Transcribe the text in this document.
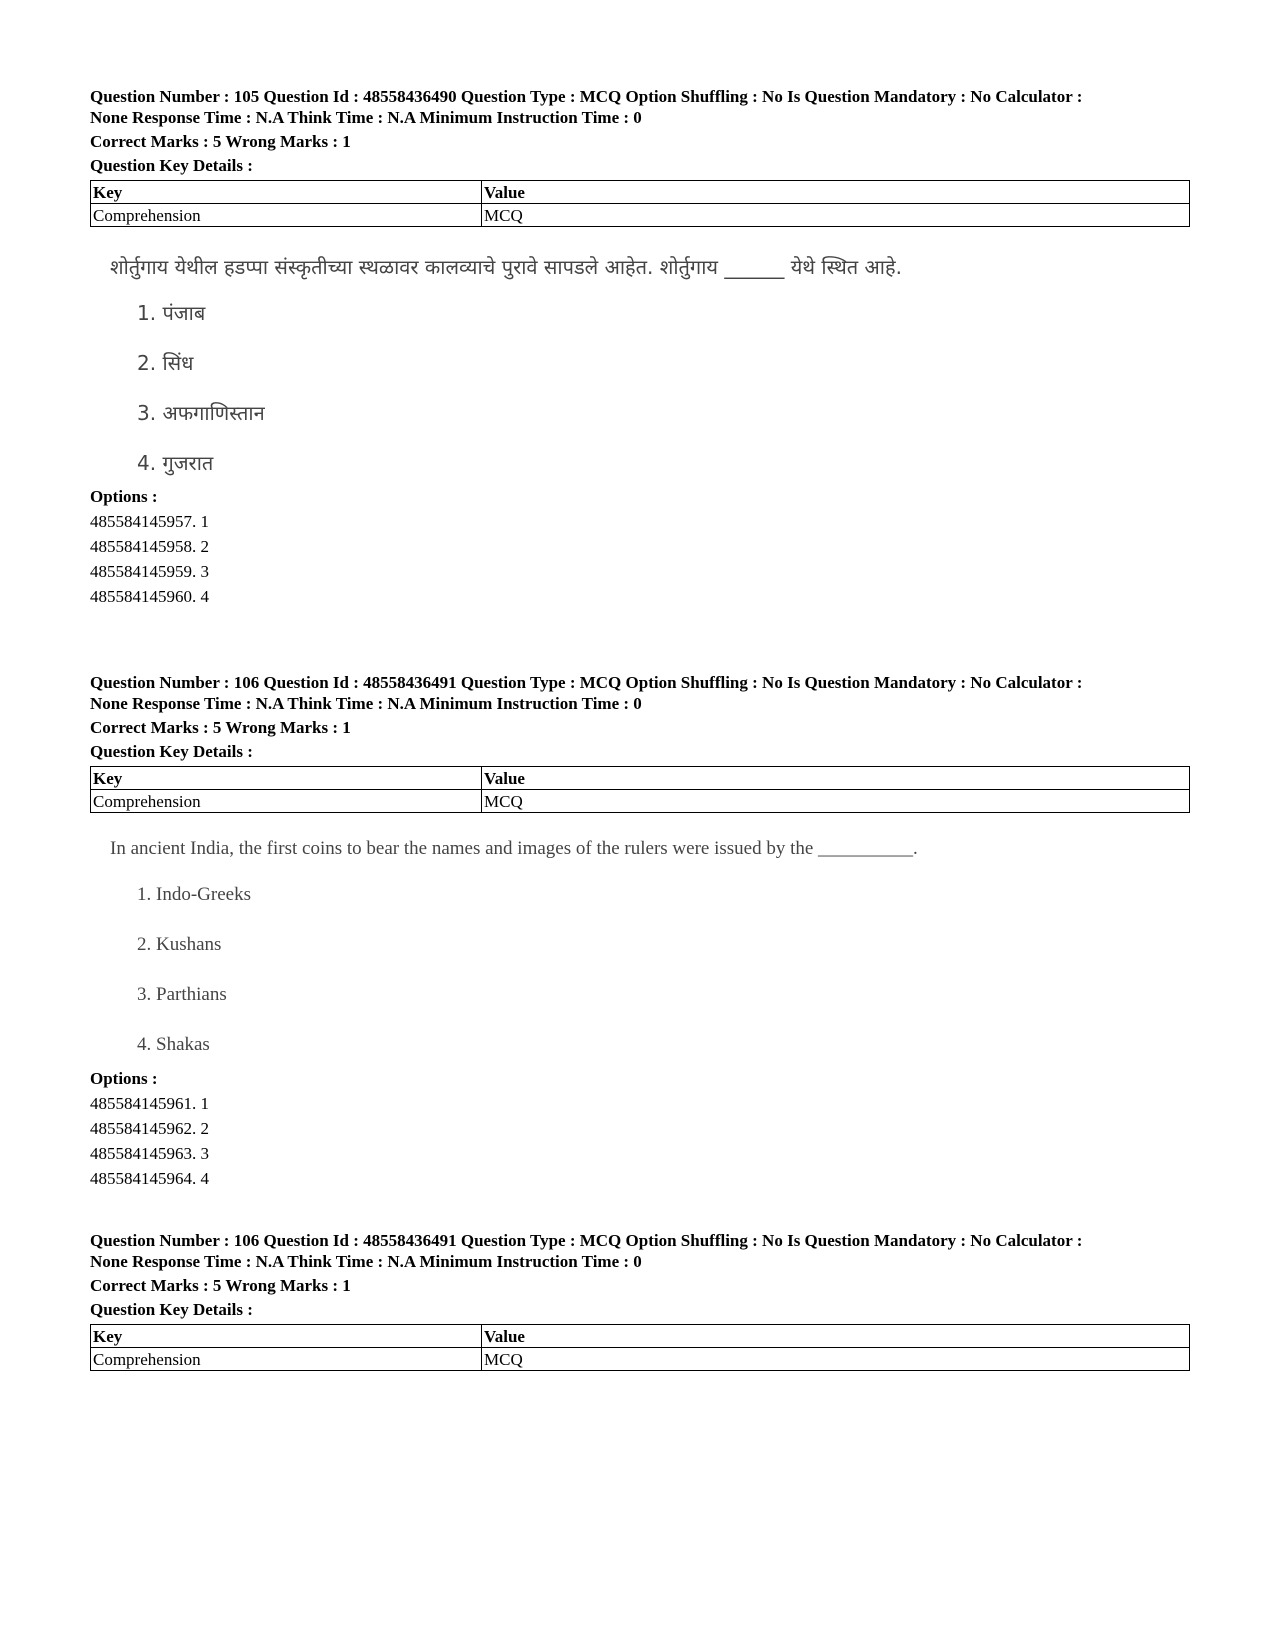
Question Number : 105 Question Id : 48558436490 Question Type : MCQ Option Shuffling : No Is Question Mandatory : No Calculator :

None Response Time : N.A Think Time : N.A Minimum Instruction Time : 0

Correct Marks : 5 Wrong Marks : 1

Question Key Details :

Key	Value
Comprehension	MCQ

शोर्तुगाय येथील हडप्पा संस्कृतीच्या स्थळावर कालव्याचे पुरावे सापडले आहेत. शोर्तुगाय ______ येथे स्थित आहे.

1. पंजाब

2. सिंध

3. अफगाणिस्तान

4. गुजरात

Options :

485584145957. 1

485584145958. 2

485584145959. 3

485584145960. 4

Question Number : 106 Question Id : 48558436491 Question Type : MCQ Option Shuffling : No Is Question Mandatory : No Calculator :

None Response Time : N.A Think Time : N.A Minimum Instruction Time : 0

Correct Marks : 5 Wrong Marks : 1

Question Key Details :

Key	Value
Comprehension	MCQ

In ancient India, the first coins to bear the names and images of the rulers were issued by the __________.

1. Indo-Greeks

2. Kushans

3. Parthians

4. Shakas

Options :

485584145961. 1

485584145962. 2

485584145963. 3

485584145964. 4

Question Number : 106 Question Id : 48558436491 Question Type : MCQ Option Shuffling : No Is Question Mandatory : No Calculator :

None Response Time : N.A Think Time : N.A Minimum Instruction Time : 0

Correct Marks : 5 Wrong Marks : 1

Question Key Details :

Key	Value
Comprehension	MCQ
